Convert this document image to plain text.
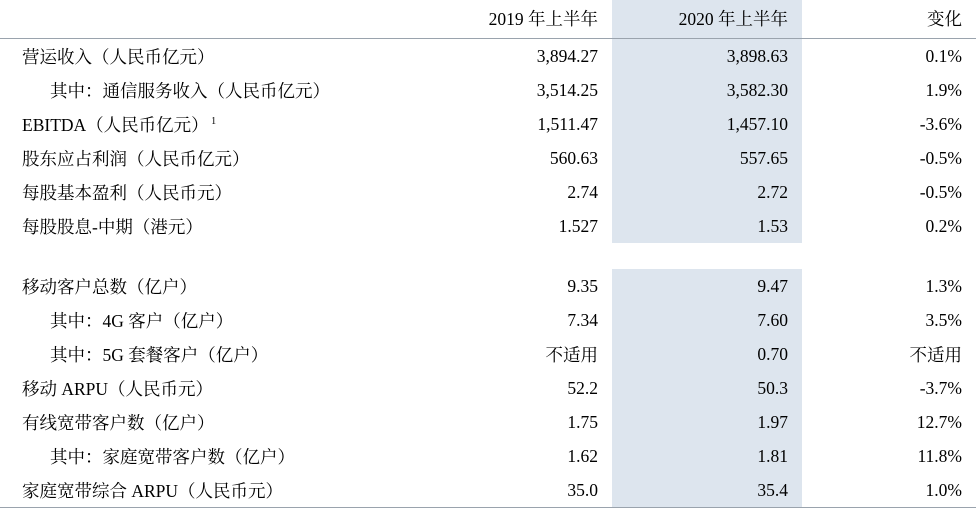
	2019 年上半年	2020 年上半年	变化
营运收入（人民币亿元）	3,894.27	3,898.63	0.1%
其中：通信服务收入（人民币亿元）	3,514.25	3,582.30	1.9%
EBITDA（人民币亿元） $^1$	1,511.47	1,457.10	-3.6%
股东应占利润（人民币亿元）	560.63	557.65	-0.5%
每股基本盈利（人民币元）	2.74	2.72	-0.5%
每股股息-中期（港元）	1.527	1.53	0.2%

移动客户总数（亿户）	9.35	9.47	1.3%
其中：4G 客户（亿户）	7.34	7.60	3.5%
其中：5G 套餐客户（亿户）	不适用	0.70	不适用
移动 ARPU（人民币元）	52.2	50.3	-3.7%
有线宽带客户数（亿户）	1.75	1.97	12.7%
其中：家庭宽带客户数（亿户）	1.62	1.81	11.8%
家庭宽带综合 ARPU（人民币元）	35.0	35.4	1.0%
